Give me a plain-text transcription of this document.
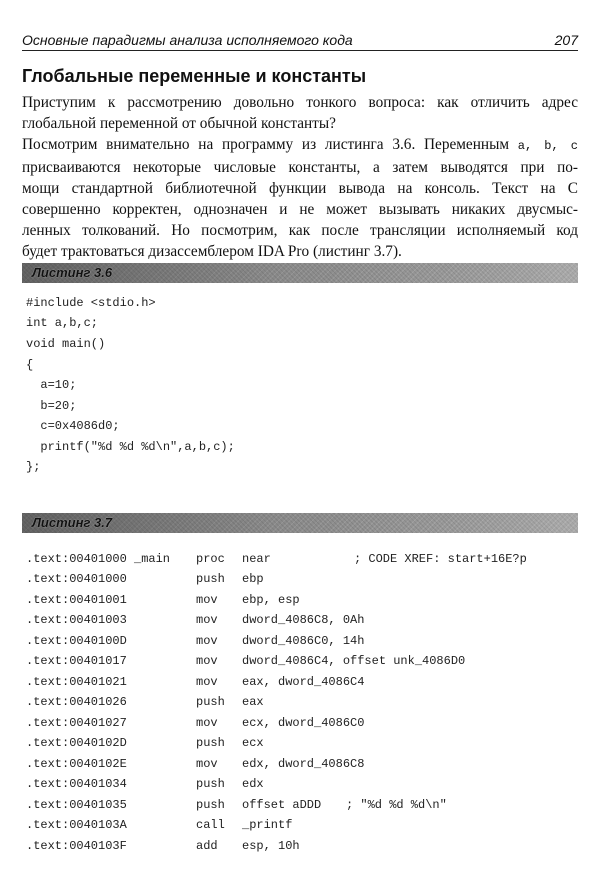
Основные парадигмы анализа исполняемого кода	207
Глобальные переменные и константы
Приступим к рассмотрению довольно тонкого вопроса: как отличить адрес
глобальной переменной от обычной константы?
Посмотрим внимательно на программу из листинга 3.6. Переменным a, b, c
присваиваются некоторые числовые константы, а затем выводятся при по-
мощи стандартной библиотечной функции вывода на консоль. Текст на С
совершенно корректен, однозначен и не может вызывать никаких двусмыс-
ленных толкований. Но посмотрим, как после трансляции исполняемый код
будет трактоваться дизассемблером IDA Pro (листинг 3.7).
Листинг 3.6
#include <stdio.h>
int a,b,c;
void main()
{
a=10;
b=20;
c=0x4086d0;
printf("%d %d %d\n",a,b,c);
};
Листинг 3.7
.text:00401000 _main proc near	; CODE XREF: start+16E?p
.text:00401000	push ebp
.text:00401001	mov ebp, esp
.text:00401003	mov dword_4086C8, 0Ah
.text:0040100D	mov dword_4086C0, 14h
.text:00401017	mov dword_4086C4, offset unk_4086D0
.text:00401021	mov eax, dword_4086C4
.text:00401026	push eax
.text:00401027	mov ecx, dword_4086C0
.text:0040102D	push ecx
.text:0040102E	mov edx, dword_4086C8
.text:00401034	push edx
.text:00401035	push offset aDDD ; "%d %d %d\n"
.text:0040103A	call _printf
.text:0040103F	add esp, 10h
